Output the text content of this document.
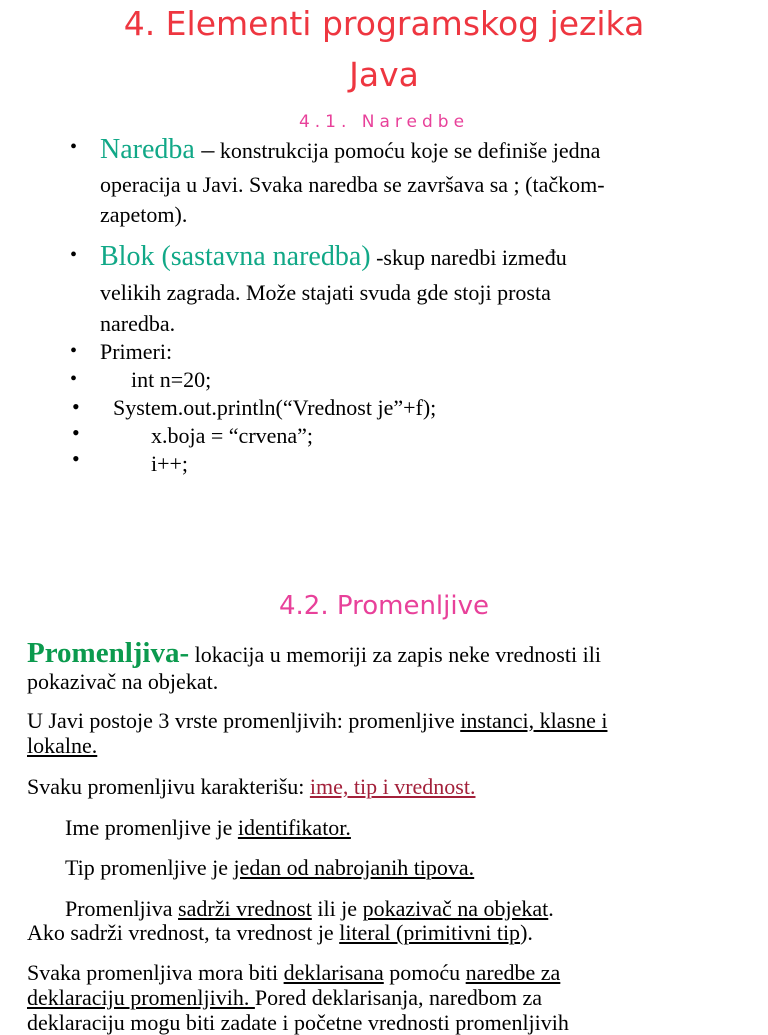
4. Elementi programskog jezika
Java
4.1. Naredbe
• Naredba – konstrukcija pomoću koje se definiše jedna
operacija u Javi. Svaka naredba se završava sa ; (tačkom-
zapetom).
• Blok (sastavna naredba) -skup naredbi između
velikih zagrada. Može stajati svuda gde stoji prosta
naredba.
• Primeri:
• int n=20;
• System.out.println(“Vrednost je”+f);
•	x.boja = “crvena”;
•	i++;
4.2. Promenljive
Promenljiva- lokacija u memoriji za zapis neke vrednosti ili
pokazivač na objekat.
U Javi postoje 3 vrste promenljivih: promenljive instanci, klasne i
lokalne.
Svaku promenljivu karakterišu: ime, tip i vrednost.
Ime promenljive je identifikator.
Tip promenljive je jedan od nabrojanih tipova.
Promenljiva sadrži vrednost ili je pokazivač na objekat.
Ako sadrži vrednost, ta vrednost je literal (primitivni tip).
Svaka promenljiva mora biti deklarisana pomoću naredbe za
deklaraciju promenljivih. Pored deklarisanja, naredbom za
deklaraciju mogu biti zadate i početne vrednosti promenljivih
